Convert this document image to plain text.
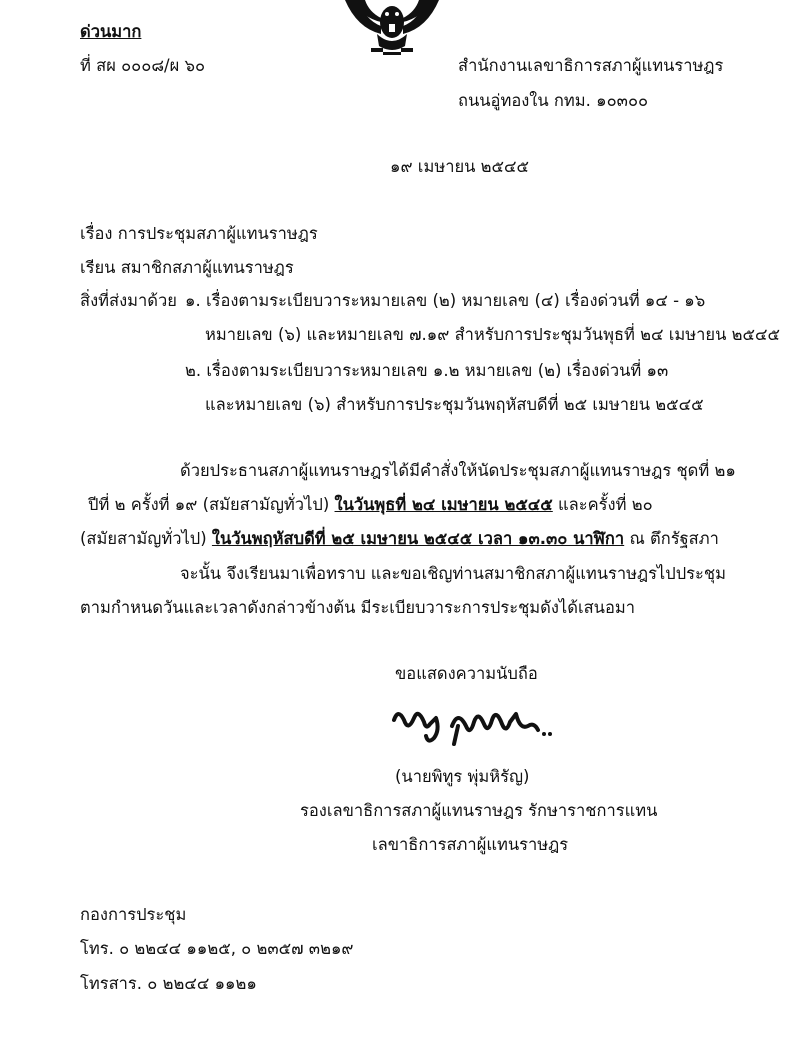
ด่วนมาก
ที่ สผ ๐๐๐๘/ผ ๖๐	สำนักงานเลขาธิการสภาผู้แทนราษฎร
ถนนอู่ทองใน กทม. ๑๐๓๐๐
๑๙ เมษายน ๒๕๔๕
เรื่อง การประชุมสภาผู้แทนราษฎร
เรียน สมาชิกสภาผู้แทนราษฎร
สิ่งที่ส่งมาด้วย ๑. เรื่องตามระเบียบวาระหมายเลข (๒) หมายเลข (๔) เรื่องด่วนที่ ๑๔ - ๑๖
หมายเลข (๖) และหมายเลข ๗.๑๙ สำหรับการประชุมวันพุธที่ ๒๔ เมษายน ๒๕๔๕
๒. เรื่องตามระเบียบวาระหมายเลข ๑.๒ หมายเลข (๒) เรื่องด่วนที่ ๑๓
และหมายเลข (๖) สำหรับการประชุมวันพฤหัสบดีที่ ๒๕ เมษายน ๒๕๔๕
ด้วยประธานสภาผู้แทนราษฎรได้มีคำสั่งให้นัดประชุมสภาผู้แทนราษฎร ชุดที่ ๒๑
ปีที่ ๒ ครั้งที่ ๑๙ (สมัยสามัญทั่วไป) ในวันพุธที่ ๒๔ เมษายน ๒๕๔๕ และครั้งที่ ๒๐
(สมัยสามัญทั่วไป) ในวันพฤหัสบดีที่ ๒๕ เมษายน ๒๕๔๕ เวลา ๑๓.๓๐ นาฬิกา ณ ตึกรัฐสภา
จะนั้น จึงเรียนมาเพื่อทราบ และขอเชิญท่านสมาชิกสภาผู้แทนราษฎรไปประชุม
ตามกำหนดวันและเวลาดังกล่าวข้างต้น มีระเบียบวาระการประชุมดังได้เสนอมา
ขอแสดงความนับถือ
(นายพิทูร พุ่มหิรัญ)
รองเลขาธิการสภาผู้แทนราษฎร รักษาราชการแทน
เลขาธิการสภาผู้แทนราษฎร
กองการประชุม
โทร. ๐ ๒๒๔๔ ๑๑๒๕, ๐ ๒๓๕๗ ๓๒๑๙
โทรสาร. ๐ ๒๒๔๔ ๑๑๒๑
